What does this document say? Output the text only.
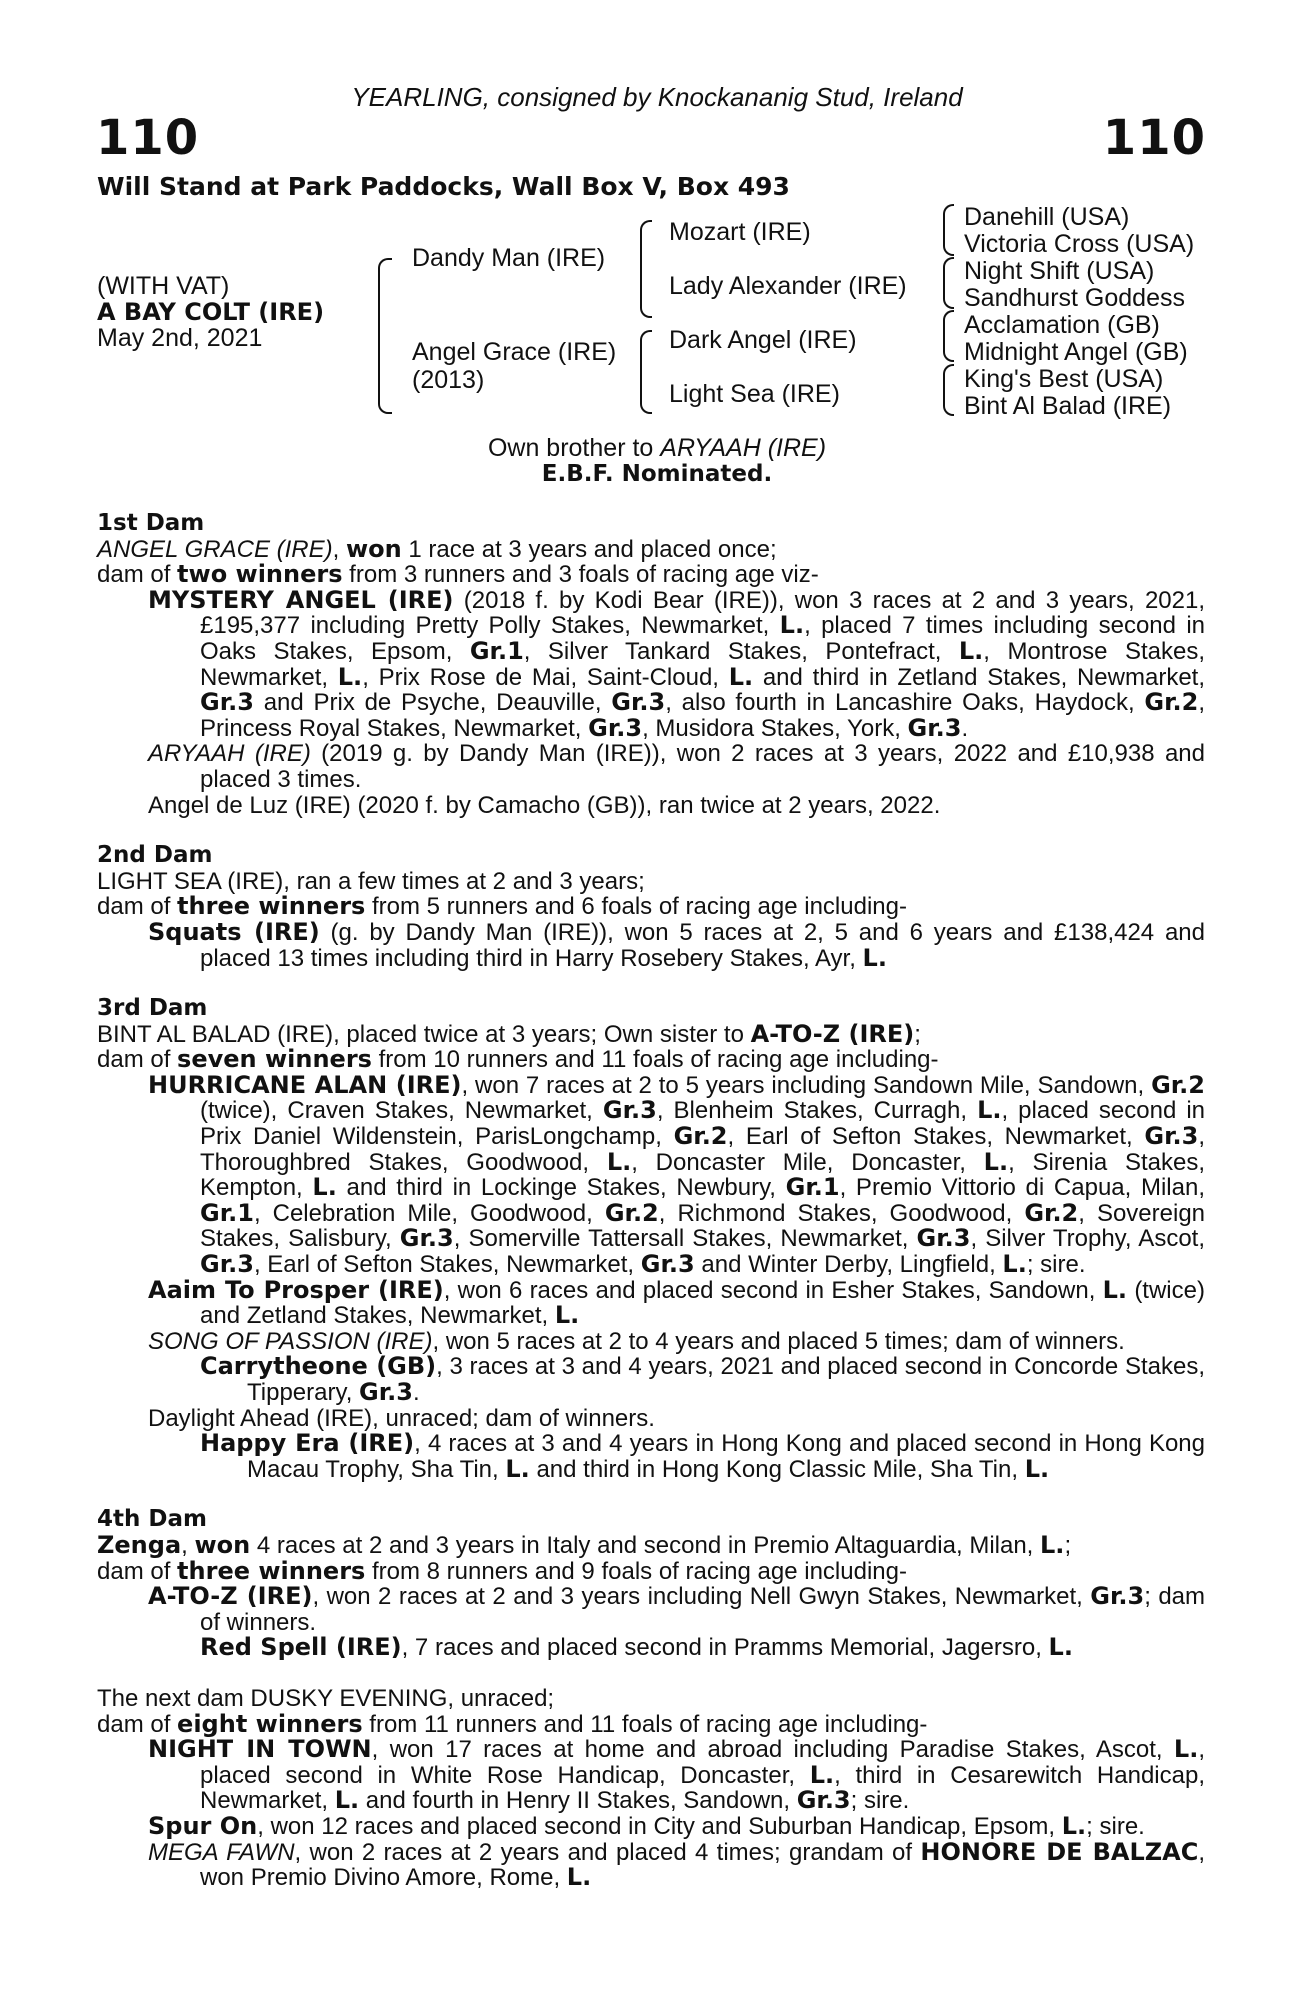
YEARLING, consigned by Knockananig Stud, Ireland
110	110
Will Stand at Park Paddocks, Wall Box V, Box 493
(WITH VAT)
A BAY COLT (IRE)
May 2nd, 2021
Dandy Man (IRE)
Angel Grace (IRE)
(2013)
Mozart (IRE)
Lady Alexander (IRE)
Dark Angel (IRE)
Light Sea (IRE)
Danehill (USA)
Victoria Cross (USA)
Night Shift (USA)
Sandhurst Goddess
Acclamation (GB)
Midnight Angel (GB)
King's Best (USA)
Bint Al Balad (IRE)
Own brother to ARYAAH (IRE)
E.B.F. Nominated.
1st Dam
ANGEL GRACE (IRE), won 1 race at 3 years and placed once;
dam of two winners from 3 runners and 3 foals of racing age viz-
MYSTERY ANGEL (IRE) (2018 f. by Kodi Bear (IRE)), won 3 races at 2 and 3 years, 2021, £195,377 including Pretty Polly Stakes, Newmarket, L., placed 7 times including second in Oaks Stakes, Epsom, Gr.1, Silver Tankard Stakes, Pontefract, L., Montrose Stakes, Newmarket, L., Prix Rose de Mai, Saint-Cloud, L. and third in Zetland Stakes, Newmarket, Gr.3 and Prix de Psyche, Deauville, Gr.3, also fourth in Lancashire Oaks, Haydock, Gr.2, Princess Royal Stakes, Newmarket, Gr.3, Musidora Stakes, York, Gr.3.
ARYAAH (IRE) (2019 g. by Dandy Man (IRE)), won 2 races at 3 years, 2022 and £10,938 and placed 3 times.
Angel de Luz (IRE) (2020 f. by Camacho (GB)), ran twice at 2 years, 2022.
2nd Dam
LIGHT SEA (IRE), ran a few times at 2 and 3 years;
dam of three winners from 5 runners and 6 foals of racing age including-
Squats (IRE) (g. by Dandy Man (IRE)), won 5 races at 2, 5 and 6 years and £138,424 and placed 13 times including third in Harry Rosebery Stakes, Ayr, L.
3rd Dam
BINT AL BALAD (IRE), placed twice at 3 years; Own sister to A-TO-Z (IRE);
dam of seven winners from 10 runners and 11 foals of racing age including-
HURRICANE ALAN (IRE), won 7 races at 2 to 5 years including Sandown Mile, Sandown, Gr.2 (twice), Craven Stakes, Newmarket, Gr.3, Blenheim Stakes, Curragh, L., placed second in Prix Daniel Wildenstein, ParisLongchamp, Gr.2, Earl of Sefton Stakes, Newmarket, Gr.3, Thoroughbred Stakes, Goodwood, L., Doncaster Mile, Doncaster, L., Sirenia Stakes, Kempton, L. and third in Lockinge Stakes, Newbury, Gr.1, Premio Vittorio di Capua, Milan, Gr.1, Celebration Mile, Goodwood, Gr.2, Richmond Stakes, Goodwood, Gr.2, Sovereign Stakes, Salisbury, Gr.3, Somerville Tattersall Stakes, Newmarket, Gr.3, Silver Trophy, Ascot, Gr.3, Earl of Sefton Stakes, Newmarket, Gr.3 and Winter Derby, Lingfield, L.; sire.
Aaim To Prosper (IRE), won 6 races and placed second in Esher Stakes, Sandown, L. (twice) and Zetland Stakes, Newmarket, L.
SONG OF PASSION (IRE), won 5 races at 2 to 4 years and placed 5 times; dam of winners.
Carrytheone (GB), 3 races at 3 and 4 years, 2021 and placed second in Concorde Stakes, Tipperary, Gr.3.
Daylight Ahead (IRE), unraced; dam of winners.
Happy Era (IRE), 4 races at 3 and 4 years in Hong Kong and placed second in Hong Kong Macau Trophy, Sha Tin, L. and third in Hong Kong Classic Mile, Sha Tin, L.
4th Dam
Zenga, won 4 races at 2 and 3 years in Italy and second in Premio Altaguardia, Milan, L.;
dam of three winners from 8 runners and 9 foals of racing age including-
A-TO-Z (IRE), won 2 races at 2 and 3 years including Nell Gwyn Stakes, Newmarket, Gr.3; dam of winners.
Red Spell (IRE), 7 races and placed second in Pramms Memorial, Jagersro, L.
The next dam DUSKY EVENING, unraced;
dam of eight winners from 11 runners and 11 foals of racing age including-
NIGHT IN TOWN, won 17 races at home and abroad including Paradise Stakes, Ascot, L., placed second in White Rose Handicap, Doncaster, L., third in Cesarewitch Handicap, Newmarket, L. and fourth in Henry II Stakes, Sandown, Gr.3; sire.
Spur On, won 12 races and placed second in City and Suburban Handicap, Epsom, L.; sire.
MEGA FAWN, won 2 races at 2 years and placed 4 times; grandam of HONORE DE BALZAC, won Premio Divino Amore, Rome, L.
